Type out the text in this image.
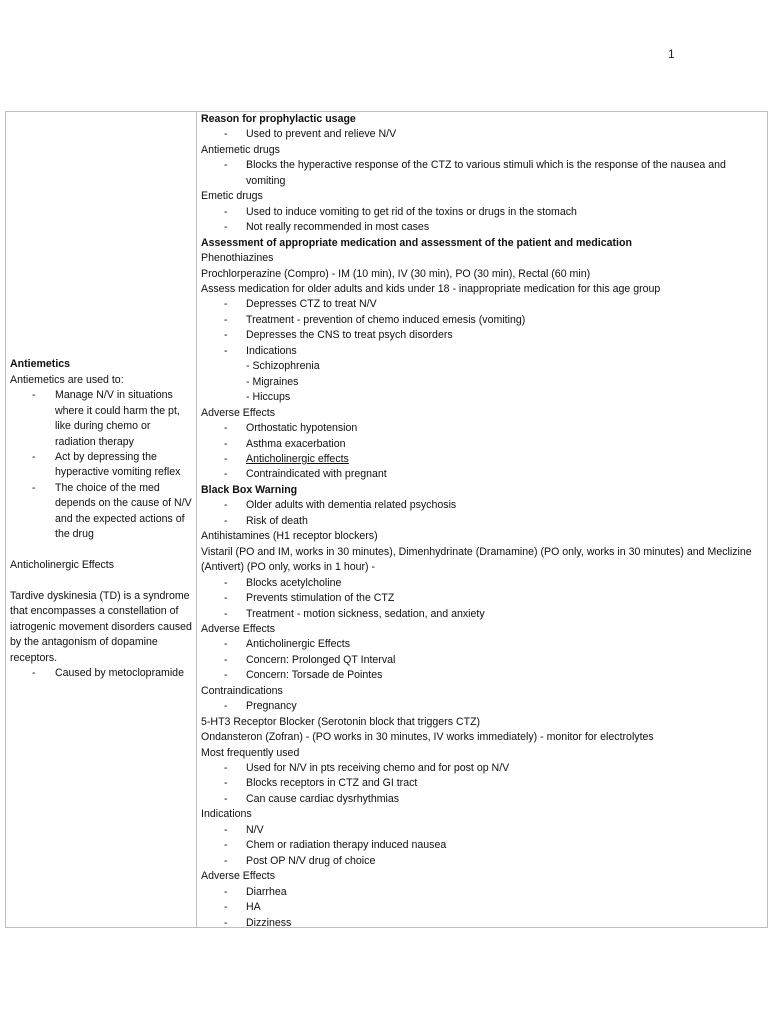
1
Antiemetics
Antiemetics are used to:
- Manage N/V in situations where it could harm the pt, like during chemo or radiation therapy
- Act by depressing the hyperactive vomiting reflex
- The choice of the med depends on the cause of N/V and the expected actions of the drug
Anticholinergic Effects
Tardive dyskinesia (TD) is a syndrome that encompasses a constellation of iatrogenic movement disorders caused by the antagonism of dopamine receptors.
- Caused by metoclopramide
Reason for prophylactic usage
- Used to prevent and relieve N/V
Antiemetic drugs
- Blocks the hyperactive response of the CTZ to various stimuli which is the response of the nausea and vomiting
Emetic drugs
- Used to induce vomiting to get rid of the toxins or drugs in the stomach
- Not really recommended in most cases
Assessment of appropriate medication and assessment of the patient and medication
Phenothiazines
Prochlorperazine (Compro) - IM (10 min), IV (30 min), PO (30 min), Rectal (60 min)
Assess medication for older adults and kids under 18 - inappropriate medication for this age group
- Depresses CTZ to treat N/V
- Treatment - prevention of chemo induced emesis (vomiting)
- Depresses the CNS to treat psych disorders
- Indications
- Schizophrenia
- Migraines
- Hiccups
Adverse Effects
- Orthostatic hypotension
- Asthma exacerbation
- Anticholinergic effects
- Contraindicated with pregnant
Black Box Warning
- Older adults with dementia related psychosis
- Risk of death
Antihistamines (H1 receptor blockers)
Vistaril (PO and IM, works in 30 minutes), Dimenhydrinate (Dramamine) (PO only, works in 30 minutes) and Meclizine (Antivert) (PO only, works in 1 hour) -
- Blocks acetylcholine
- Prevents stimulation of the CTZ
- Treatment - motion sickness, sedation, and anxiety
Adverse Effects
- Anticholinergic Effects
- Concern: Prolonged QT Interval
- Concern: Torsade de Pointes
Contraindications
- Pregnancy
5-HT3 Receptor Blocker (Serotonin block that triggers CTZ)
Ondansteron (Zofran) - (PO works in 30 minutes, IV works immediately) - monitor for electrolytes
Most frequently used
- Used for N/V in pts receiving chemo and for post op N/V
- Blocks receptors in CTZ and GI tract
- Can cause cardiac dysrhythmias
Indications
- N/V
- Chem or radiation therapy induced nausea
- Post OP N/V drug of choice
Adverse Effects
- Diarrhea
- HA
- Dizziness
